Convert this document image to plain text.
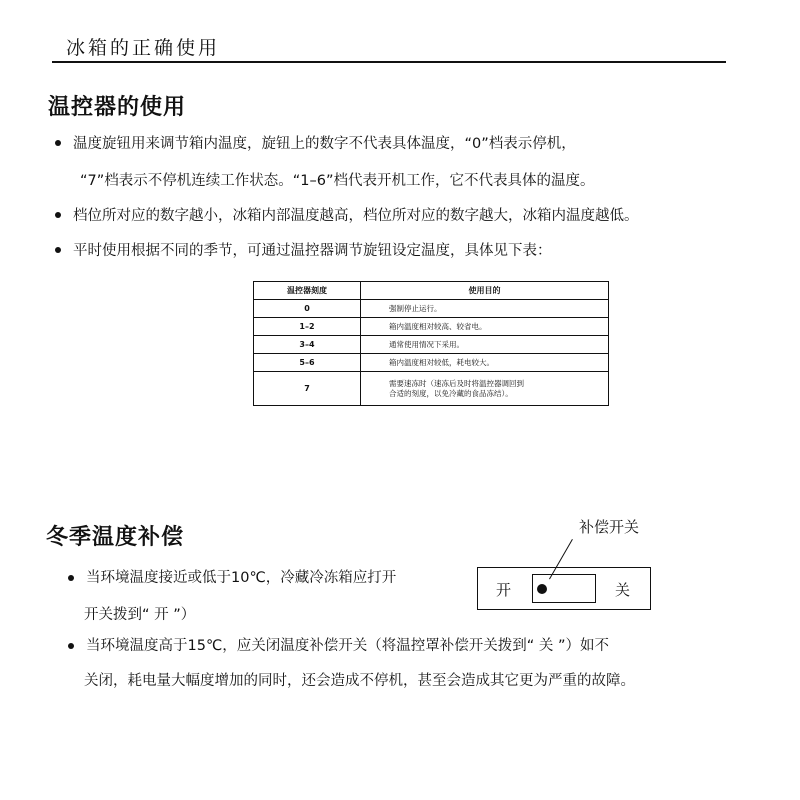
冰箱的正确使用
温控器的使用
温度旋钮用来调节箱内温度，旋钮上的数字不代表具体温度，“0”档表示停机，
“7”档表示不停机连续工作状态。“1–6”档代表开机工作，它不代表具体的温度。
档位所对应的数字越小，冰箱内部温度越高，档位所对应的数字越大，冰箱内温度越低。
平时使用根据不同的季节，可通过温控器调节旋钮设定温度，具体见下表：
温控器刻度	使用目的
0	强制停止运行。
1–2	箱内温度相对较高、较省电。
3–4	通常使用情况下采用。
5–6	箱内温度相对较低，耗电较大。
7	需要速冻时（速冻后及时将温控器调回到
合适的刻度，以免冷藏的食品冻结）。
冬季温度补偿
当环境温度接近或低于10℃，冷藏冷冻箱应打开
开关拨到“ 开 ”）
当环境温度高于15℃，应关闭温度补偿开关（将温控罩补偿开关拨到“ 关 ”）如不
关闭，耗电量大幅度增加的同时，还会造成不停机，甚至会造成其它更为严重的故障。
补偿开关
开	关
